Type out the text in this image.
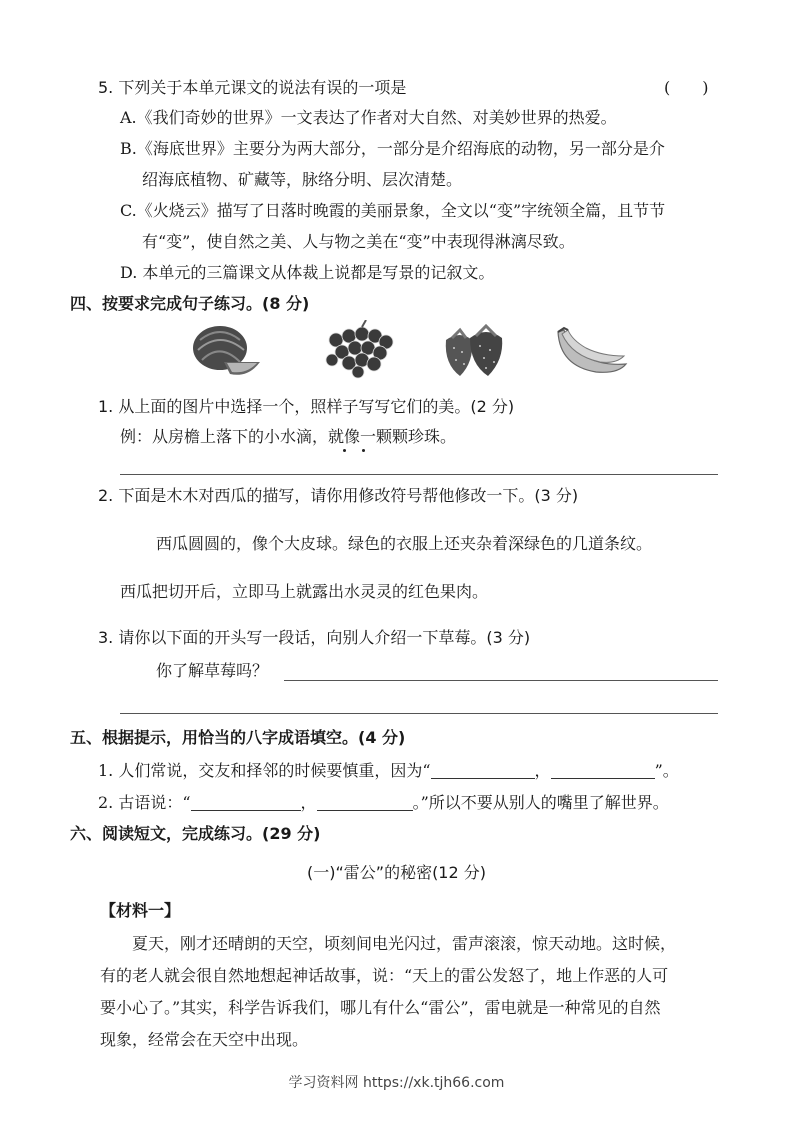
5. 下列关于本单元课文的说法有误的一项是	(　　)
A.《我们奇妙的世界》一文表达了作者对大自然、对美妙世界的热爱。
B.《海底世界》主要分为两大部分，一部分是介绍海底的动物，另一部分是介
绍海底植物、矿藏等，脉络分明、层次清楚。
C.《火烧云》描写了日落时晚霞的美丽景象，全文以“变”字统领全篇，且节节
有“变”，使自然之美、人与物之美在“变”中表现得淋漓尽致。
D. 本单元的三篇课文从体裁上说都是写景的记叙文。
四、按要求完成句子练习。(8 分)
1. 从上面的图片中选择一个，照样子写写它们的美。(2 分)
例：从房檐上落下的小水滴，就像一颗颗珍珠。
2. 下面是木木对西瓜的描写，请你用修改符号帮他修改一下。(3 分)
西瓜圆圆的，像个大皮球。绿色的衣服上还夹杂着深绿色的几道条纹。
西瓜把切开后，立即马上就露出水灵灵的红色果肉。
3. 请你以下面的开头写一段话，向别人介绍一下草莓。(3 分)
你了解草莓吗？
五、根据提示，用恰当的八字成语填空。(4 分)
1. 人们常说，交友和择邻的时候要慎重，因为“	，	”。
2. 古语说：“	，	。”所以不要从别人的嘴里了解世界。
六、阅读短文，完成练习。(29 分)
(一)“雷公”的秘密(12 分)
【材料一】
夏天，刚才还晴朗的天空，顷刻间电光闪过，雷声滚滚，惊天动地。这时候，
有的老人就会很自然地想起神话故事，说：“天上的雷公发怒了，地上作恶的人可
要小心了。”其实，科学告诉我们，哪儿有什么“雷公”，雷电就是一种常见的自然
现象，经常会在天空中出现。
学习资料网 https://xk.tjh66.com
